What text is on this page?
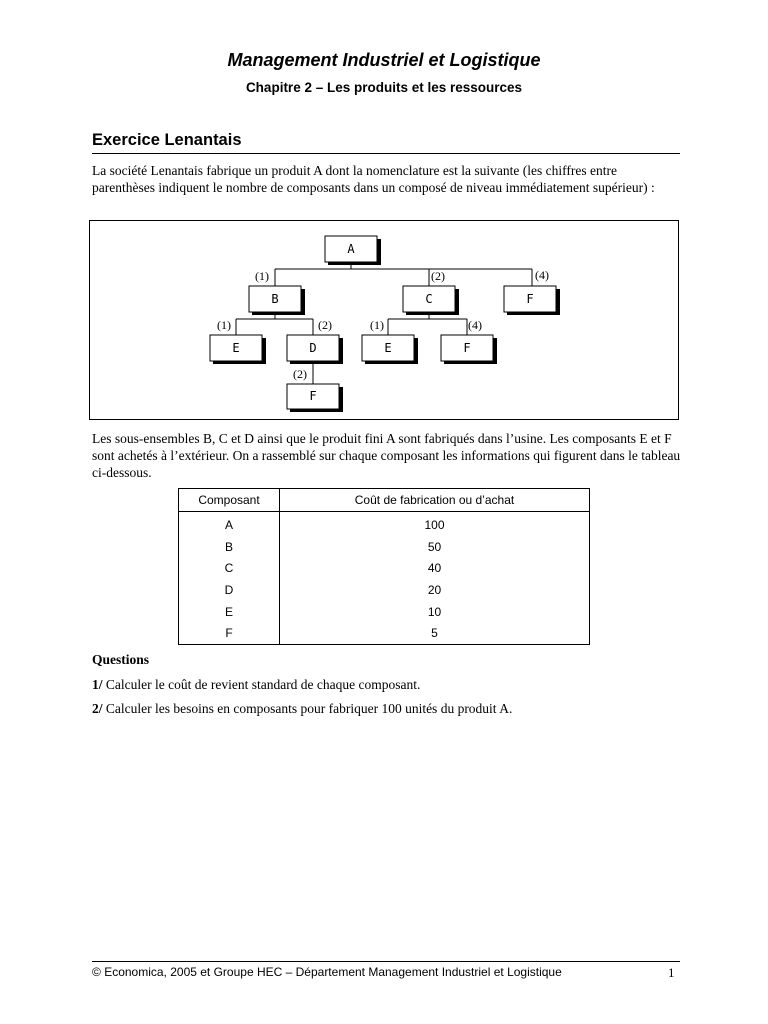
Management Industriel et Logistique
Chapitre 2 – Les produits et les ressources
Exercice Lenantais
La société Lenantais fabrique un produit A dont la nomenclature est la suivante (les chiffres entre parenthèses indiquent le nombre de composants dans un composé de niveau immédiatement supérieur) :
A
B	C	F
E	D	E	F
F
(1)	(2)	(4)
(1)	(2)	(1)	(4)
(2)
Les sous-ensembles B, C et D ainsi que le produit fini A sont fabriqués dans l’usine. Les composants E et F sont achetés à l’extérieur. On a rassemblé sur chaque composant les informations qui figurent dans le tableau ci-dessous.
Composant	Coût de fabrication ou d’achat
A	100
B	50
C	40
D	20
E	10
F	5
Questions
1/ Calculer le coût de revient standard de chaque composant.
2/ Calculer les besoins en composants pour fabriquer 100 unités du produit A.
© Economica, 2005 et Groupe HEC – Département Management Industriel et Logistique	1
